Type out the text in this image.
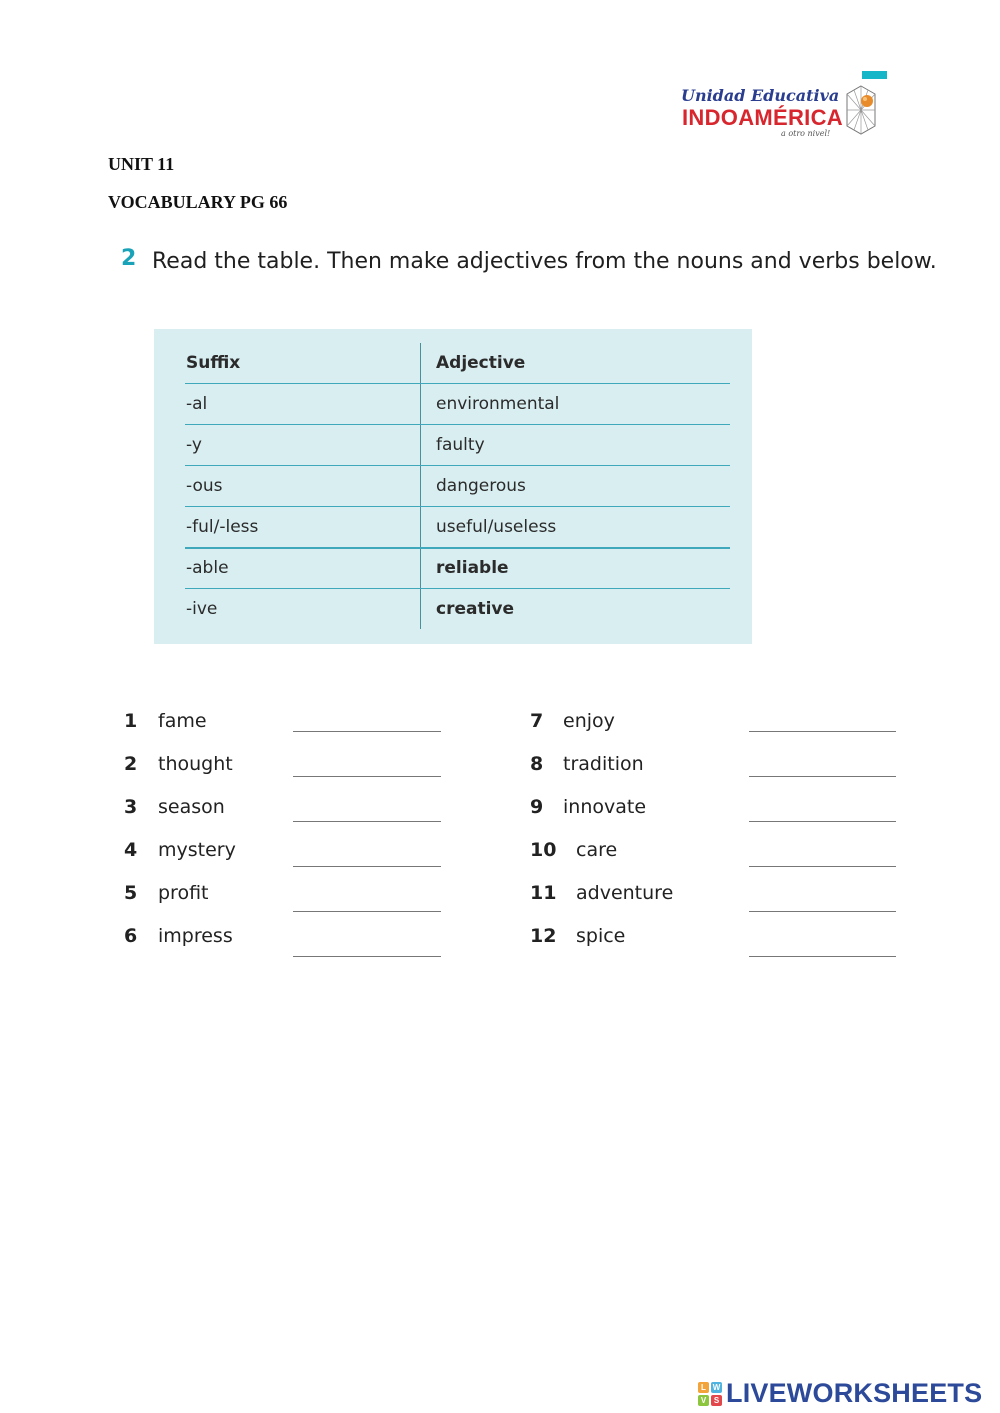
Unidad Educativa
INDOAMÉRICA
a otro nivel!
UNIT 11
VOCABULARY PG 66
2 Read the table. Then make adjectives from the nouns and verbs below.
Suffix	Adjective
-al	environmental
-y	faulty
-ous	dangerous
-ful/-less	useful/useless
-able	reliable
-ive	creative
1 fame
2 thought
3 season
4 mystery
5 profit
6 impress
7 enjoy
8 tradition
9 innovate
10 care
11 adventure
12 spice
L W
V S LIVEWORKSHEETS
